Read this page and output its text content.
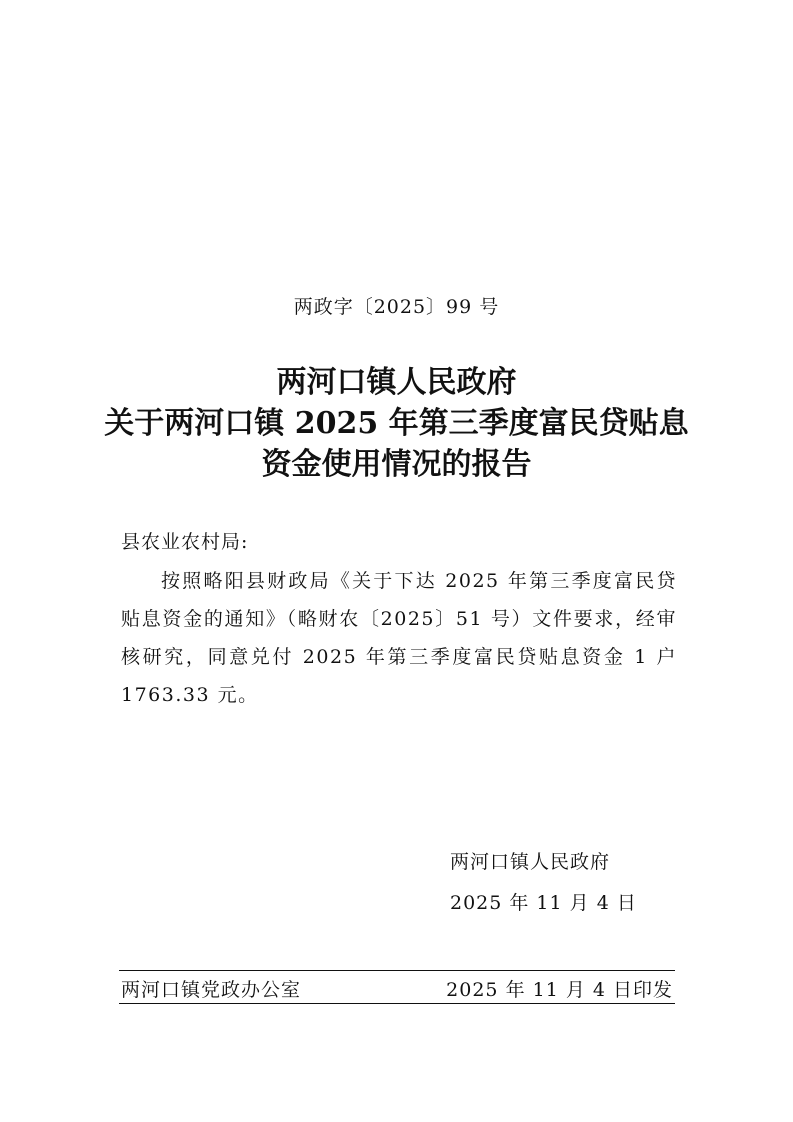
两政字〔2025〕99 号
两河口镇人民政府
关于两河口镇 2025 年第三季度富民贷贴息
资金使用情况的报告
县农业农村局:

按照略阳县财政局《关于下达 2025 年第三季度富民贷贴息资金的通知》（略财农〔2025〕51 号）文件要求，经审核研究，同意兑付 2025 年第三季度富民贷贴息资金 1 户 1763.33 元。

两河口镇人民政府
2025 年 11 月 4 日
两河口镇党政办公室	2025 年 11 月 4 日印发
